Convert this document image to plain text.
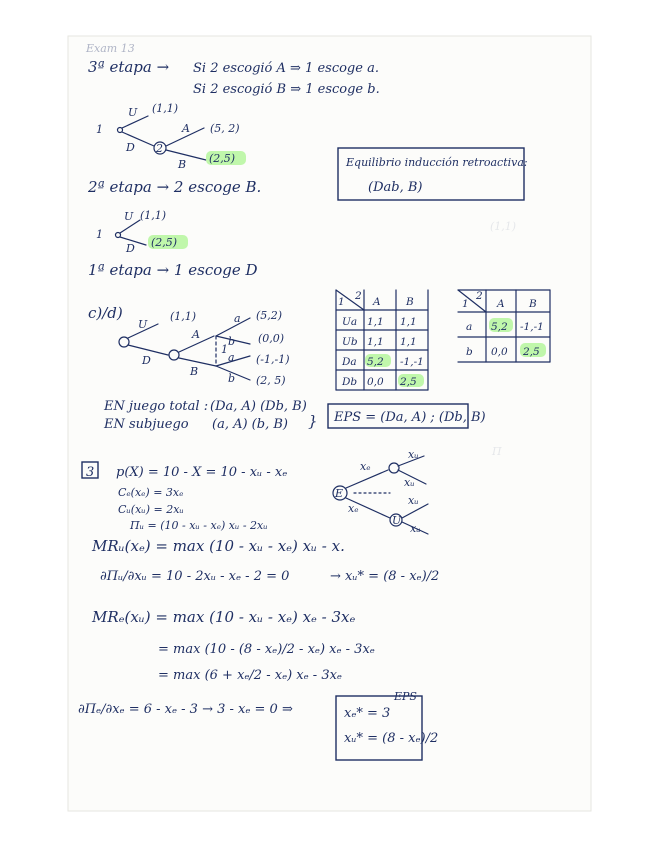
Exam 13
3ª etapa → Si 2 escogió A ⇒ 1 escoge a.
Si 2 escogió B ⇒ 1 escoge b.
1
U (1,1)
D 2
A (5, 2)
B (2,5)	Equilibrio inducción retroactiva:
(Dab, B)
2ª etapa → 2 escoge B.
1
U (1,1)
D (2,5)
1ª etapa → 1 escoge D
c)/d)
U
(1,1)
D
A
B
1
a
b
a
b
(5,2)
(0,0)
(-1,-1)
(2, 5)
1 2 A B
Ua 1,1 1,1
Ub 1,1 1,1
Da 5,2 -1,-1
Db 0,0 2,5
1
2
A B
a 5,2 -1,-1
b 0,0 2,5
EN juego total : (Da, A) (Db, B)
EN subjuego (a, A) (b, B) } EPS = (Da, A) ; (Db, B)
3 p(X) = 10 - X = 10 - xᵤ - xₑ
Cₑ(xₑ) = 3xₑ
Cᵤ(xᵤ) = 2xᵤ
Πᵤ = (10 - xᵤ - xₑ) xᵤ - 2xᵤ
E
xₑ
xₑ
xᵤ
xᵤ
U
xᵤ
xᵤ
MRᵤ(xₑ) = max (10 - xᵤ - xₑ) xᵤ - x.
∂Πᵤ/∂xᵤ = 10 - 2xᵤ - xₑ - 2 = 0	→ xᵤ* = (8 - xₑ)/2
MRₑ(xᵤ) = max (10 - xᵤ - xₑ) xₑ - 3xₑ
= max (10 - (8 - xₑ)/2 - xₑ) xₑ - 3xₑ
= max (6 + xₑ/2 - xₑ) xₑ - 3xₑ
∂Πₑ/∂xₑ = 6 - xₑ - 3 → 3 - xₑ = 0 ⇒
EPS
xₑ* = 3
xᵤ* = (8 - xₑ)/2
(1,1)
Π
